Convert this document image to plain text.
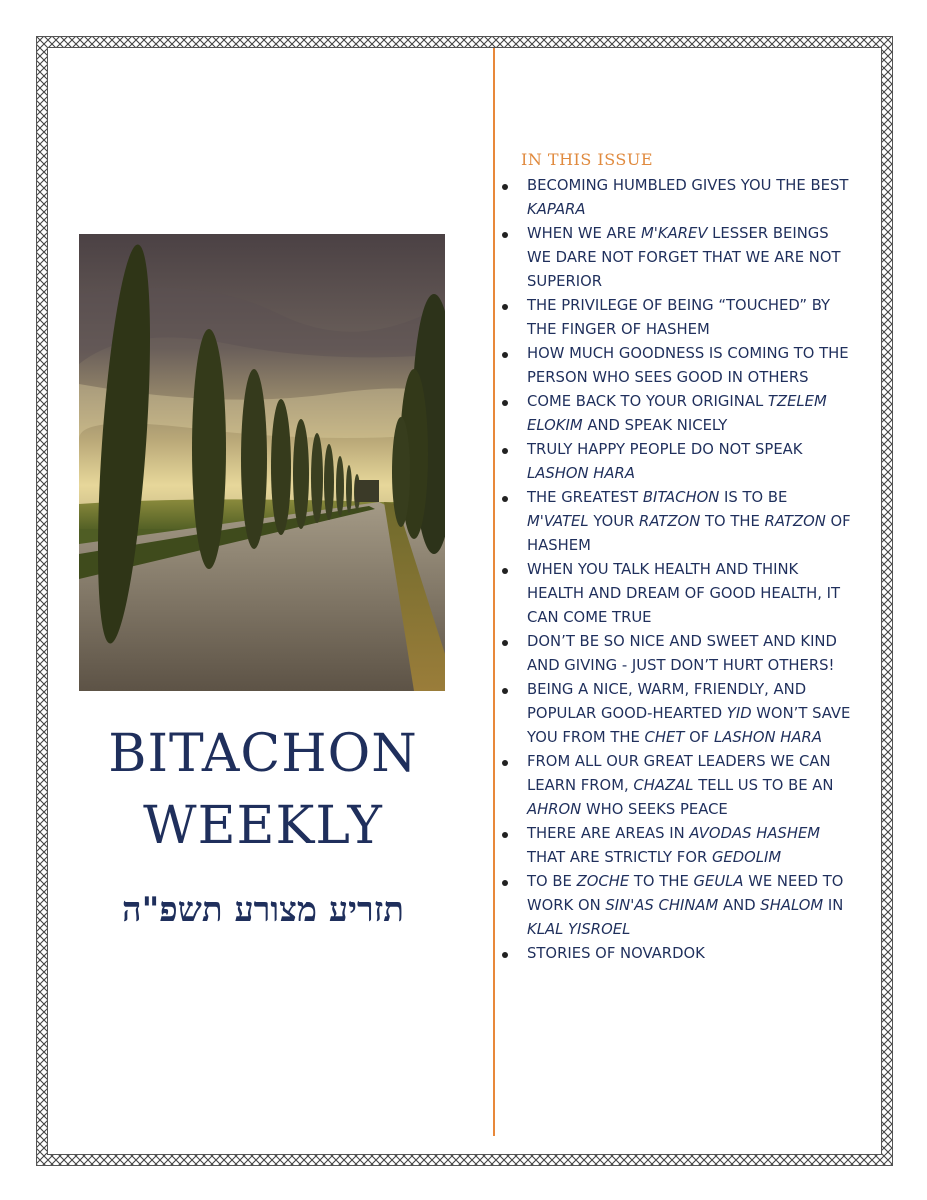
BITACHON
WEEKLY
תזריע מצורע תשפ"ה
IN THIS ISSUE
BECOMING HUMBLED GIVES YOU THE BEST KAPARA
WHEN WE ARE M'KAREV LESSER BEINGS WE DARE NOT FORGET THAT WE ARE NOT SUPERIOR
THE PRIVILEGE OF BEING “TOUCHED” BY THE FINGER OF HASHEM
HOW MUCH GOODNESS IS COMING TO THE PERSON WHO SEES GOOD IN OTHERS
COME BACK TO YOUR ORIGINAL TZELEM ELOKIM AND SPEAK NICELY
TRULY HAPPY PEOPLE DO NOT SPEAK LASHON HARA
THE GREATEST BITACHON IS TO BE M'VATEL YOUR RATZON TO THE RATZON OF HASHEM
WHEN YOU TALK HEALTH AND THINK HEALTH AND DREAM OF GOOD HEALTH, IT CAN COME TRUE
DON’T BE SO NICE AND SWEET AND KIND AND GIVING - JUST DON’T HURT OTHERS!
BEING A NICE, WARM, FRIENDLY, AND POPULAR GOOD-HEARTED YID WON’T SAVE YOU FROM THE CHET OF LASHON HARA
FROM ALL OUR GREAT LEADERS WE CAN LEARN FROM, CHAZAL TELL US TO BE AN AHRON WHO SEEKS PEACE
THERE ARE AREAS IN AVODAS HASHEM THAT ARE STRICTLY FOR GEDOLIM
TO BE ZOCHE TO THE GEULA WE NEED TO WORK ON SIN'AS CHINAM AND SHALOM IN KLAL YISROEL
STORIES OF NOVARDOK
